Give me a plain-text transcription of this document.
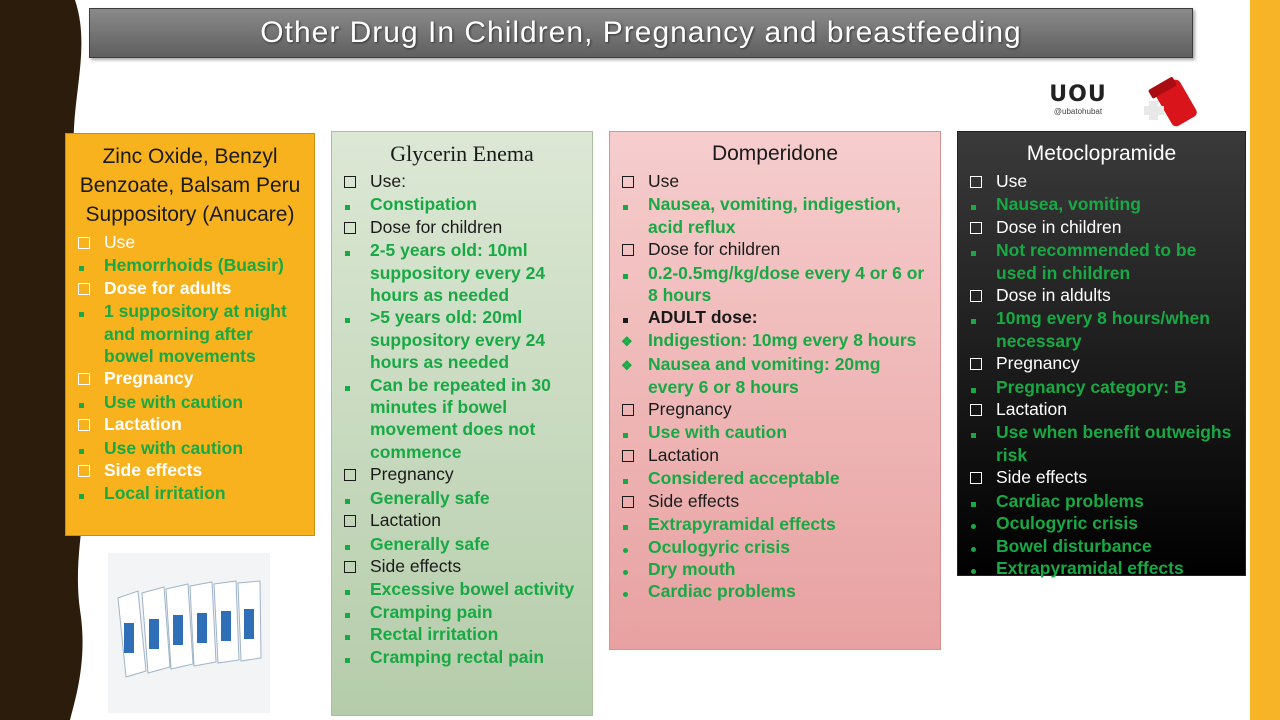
Other Drug In Children, Pregnancy and breastfeeding
UOU
@ubatohubat
Zinc Oxide, Benzyl Benzoate, Balsam Peru Suppository (Anucare)
Use
Hemorrhoids (Buasir)
Dose for adults
1 suppository at night and morning after bowel movements
Pregnancy
Use with caution
Lactation
Use with caution
Side effects
Local irritation
Glycerin Enema
Use:
Constipation
Dose for children
2-5 years old: 10ml suppository every 24 hours as needed
>5 years old: 20ml suppository every 24 hours as needed
Can be repeated in 30 minutes if bowel movement does not commence
Pregnancy
Generally safe
Lactation
Generally safe
Side effects
Excessive bowel activity
Cramping pain
Rectal irritation
Cramping rectal pain
Domperidone
Use
Nausea, vomiting, indigestion, acid reflux
Dose for children
0.2-0.5mg/kg/dose every 4 or 6 or 8 hours
ADULT dose:
❖
Indigestion: 10mg every 8 hours
❖
Nausea and vomiting: 20mg every 6 or 8 hours
Pregnancy
Use with caution
Lactation
Considered acceptable
Side effects
Extrapyramidal effects
Oculogyric crisis
Dry mouth
Cardiac problems
Metoclopramide
Use
Nausea, vomiting
Dose in children
Not recommended to be used in children
Dose in aldults
10mg every 8 hours/when necessary
Pregnancy
Pregnancy category: B
Lactation
Use when benefit outweighs risk
Side effects
Cardiac problems
Oculogyric crisis
Bowel disturbance
Extrapyramidal effects
